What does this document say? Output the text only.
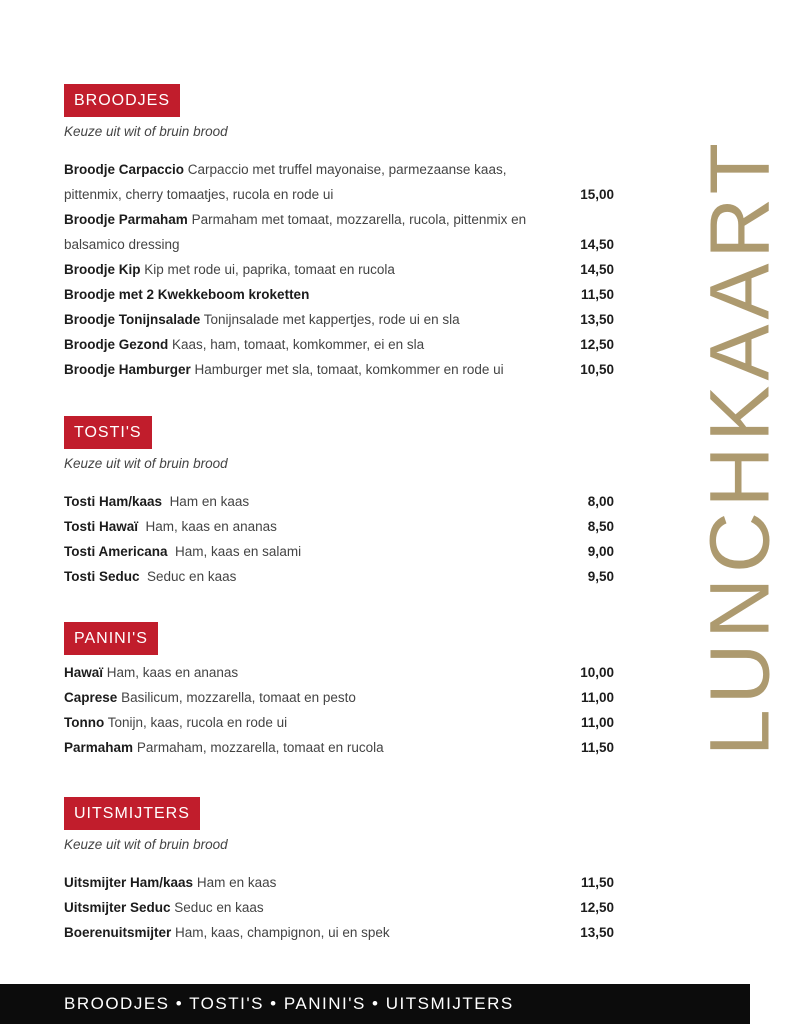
BROODJES
Keuze uit wit of bruin brood
Broodje Carpaccio Carpaccio met truffel mayonaise, parmezaanse kaas, pittenmix, cherry tomaatjes, rucola en rode ui	15,00
Broodje Parmaham Parmaham met tomaat, mozzarella, rucola, pittenmix en balsamico dressing	14,50
Broodje Kip Kip met rode ui, paprika, tomaat en rucola	14,50
Broodje met 2 Kwekkeboom kroketten	11,50
Broodje Tonijnsalade Tonijnsalade met kappertjes, rode ui en sla	13,50
Broodje Gezond Kaas, ham, tomaat, komkommer, ei en sla	12,50
Broodje Hamburger Hamburger met sla, tomaat, komkommer en rode ui	10,50
TOSTI'S
Keuze uit wit of bruin brood
Tosti Ham/kaas Ham en kaas	8,00
Tosti Hawaï Ham, kaas en ananas	8,50
Tosti Americana Ham, kaas en salami	9,00
Tosti Seduc Seduc en kaas	9,50
PANINI'S
Hawaï Ham, kaas en ananas	10,00
Caprese Basilicum, mozzarella, tomaat en pesto	11,00
Tonno Tonijn, kaas, rucola en rode ui	11,00
Parmaham Parmaham, mozzarella, tomaat en rucola	11,50
UITSMIJTERS
Keuze uit wit of bruin brood
Uitsmijter Ham/kaas Ham en kaas	11,50
Uitsmijter Seduc Seduc en kaas	12,50
Boerenuitsmijter Ham, kaas, champignon, ui en spek	13,50
LUNCHKAART
BROODJES • TOSTI'S • PANINI'S • UITSMIJTERS
